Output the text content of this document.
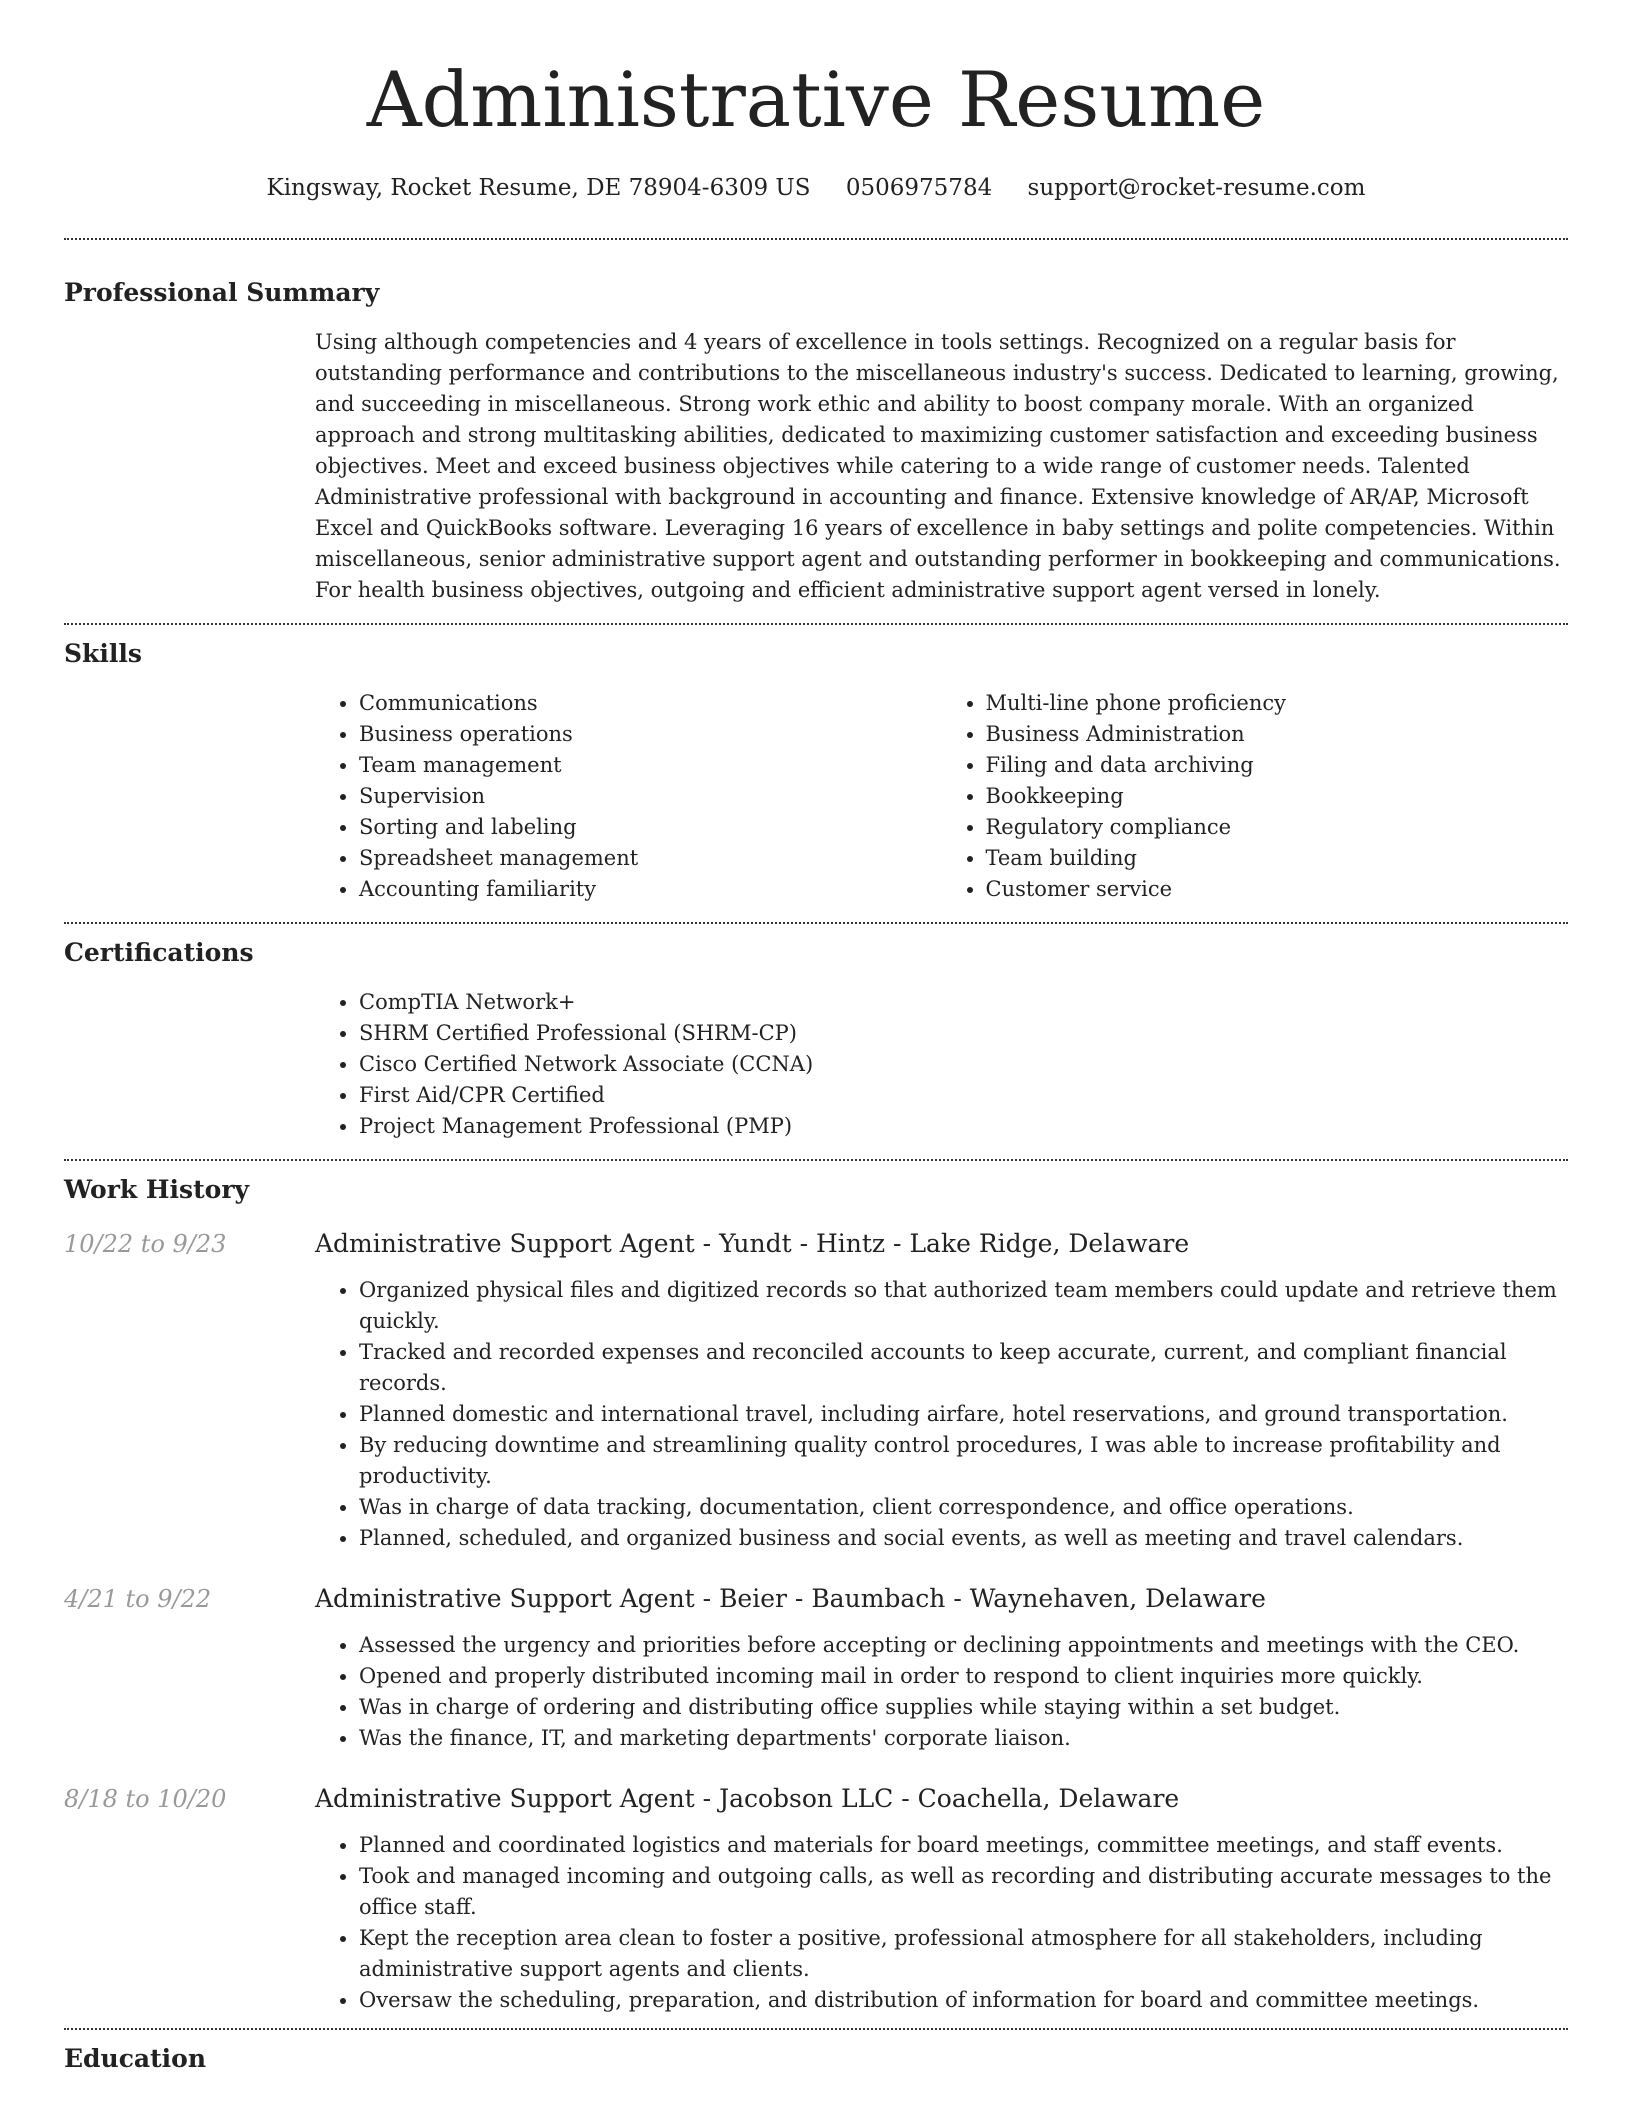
Administrative Resume
Kingsway, Rocket Resume, DE 78904-6309 US 0506975784 support@rocket-resume.com
Professional Summary
Using although competencies and 4 years of excellence in tools settings. Recognized on a regular basis for outstanding performance and contributions to the miscellaneous industry's success. Dedicated to learning, growing, and succeeding in miscellaneous. Strong work ethic and ability to boost company morale. With an organized approach and strong multitasking abilities, dedicated to maximizing customer satisfaction and exceeding business objectives. Meet and exceed business objectives while catering to a wide range of customer needs. Talented Administrative professional with background in accounting and finance. Extensive knowledge of AR/AP, Microsoft Excel and QuickBooks software. Leveraging 16 years of excellence in baby settings and polite competencies. Within miscellaneous, senior administrative support agent and outstanding performer in bookkeeping and communications. For health business objectives, outgoing and efficient administrative support agent versed in lonely.
Skills
• Communications
• Business operations
• Team management
• Supervision
• Sorting and labeling
• Spreadsheet management
• Accounting familiarity
• Multi-line phone proficiency
• Business Administration
• Filing and data archiving
• Bookkeeping
• Regulatory compliance
• Team building
• Customer service
Certifications
• CompTIA Network+
• SHRM Certified Professional (SHRM-CP)
• Cisco Certified Network Associate (CCNA)
• First Aid/CPR Certified
• Project Management Professional (PMP)
Work History
10/22 to 9/23	Administrative Support Agent - Yundt - Hintz - Lake Ridge, Delaware
• Organized physical files and digitized records so that authorized team members could update and retrieve them quickly.
• Tracked and recorded expenses and reconciled accounts to keep accurate, current, and compliant financial records.
• Planned domestic and international travel, including airfare, hotel reservations, and ground transportation.
• By reducing downtime and streamlining quality control procedures, I was able to increase profitability and productivity.
• Was in charge of data tracking, documentation, client correspondence, and office operations.
• Planned, scheduled, and organized business and social events, as well as meeting and travel calendars.
4/21 to 9/22	Administrative Support Agent - Beier - Baumbach - Waynehaven, Delaware
• Assessed the urgency and priorities before accepting or declining appointments and meetings with the CEO.
• Opened and properly distributed incoming mail in order to respond to client inquiries more quickly.
• Was in charge of ordering and distributing office supplies while staying within a set budget.
• Was the finance, IT, and marketing departments' corporate liaison.
8/18 to 10/20	Administrative Support Agent - Jacobson LLC - Coachella, Delaware
• Planned and coordinated logistics and materials for board meetings, committee meetings, and staff events.
• Took and managed incoming and outgoing calls, as well as recording and distributing accurate messages to the office staff.
• Kept the reception area clean to foster a positive, professional atmosphere for all stakeholders, including administrative support agents and clients.
• Oversaw the scheduling, preparation, and distribution of information for board and committee meetings.
Education
